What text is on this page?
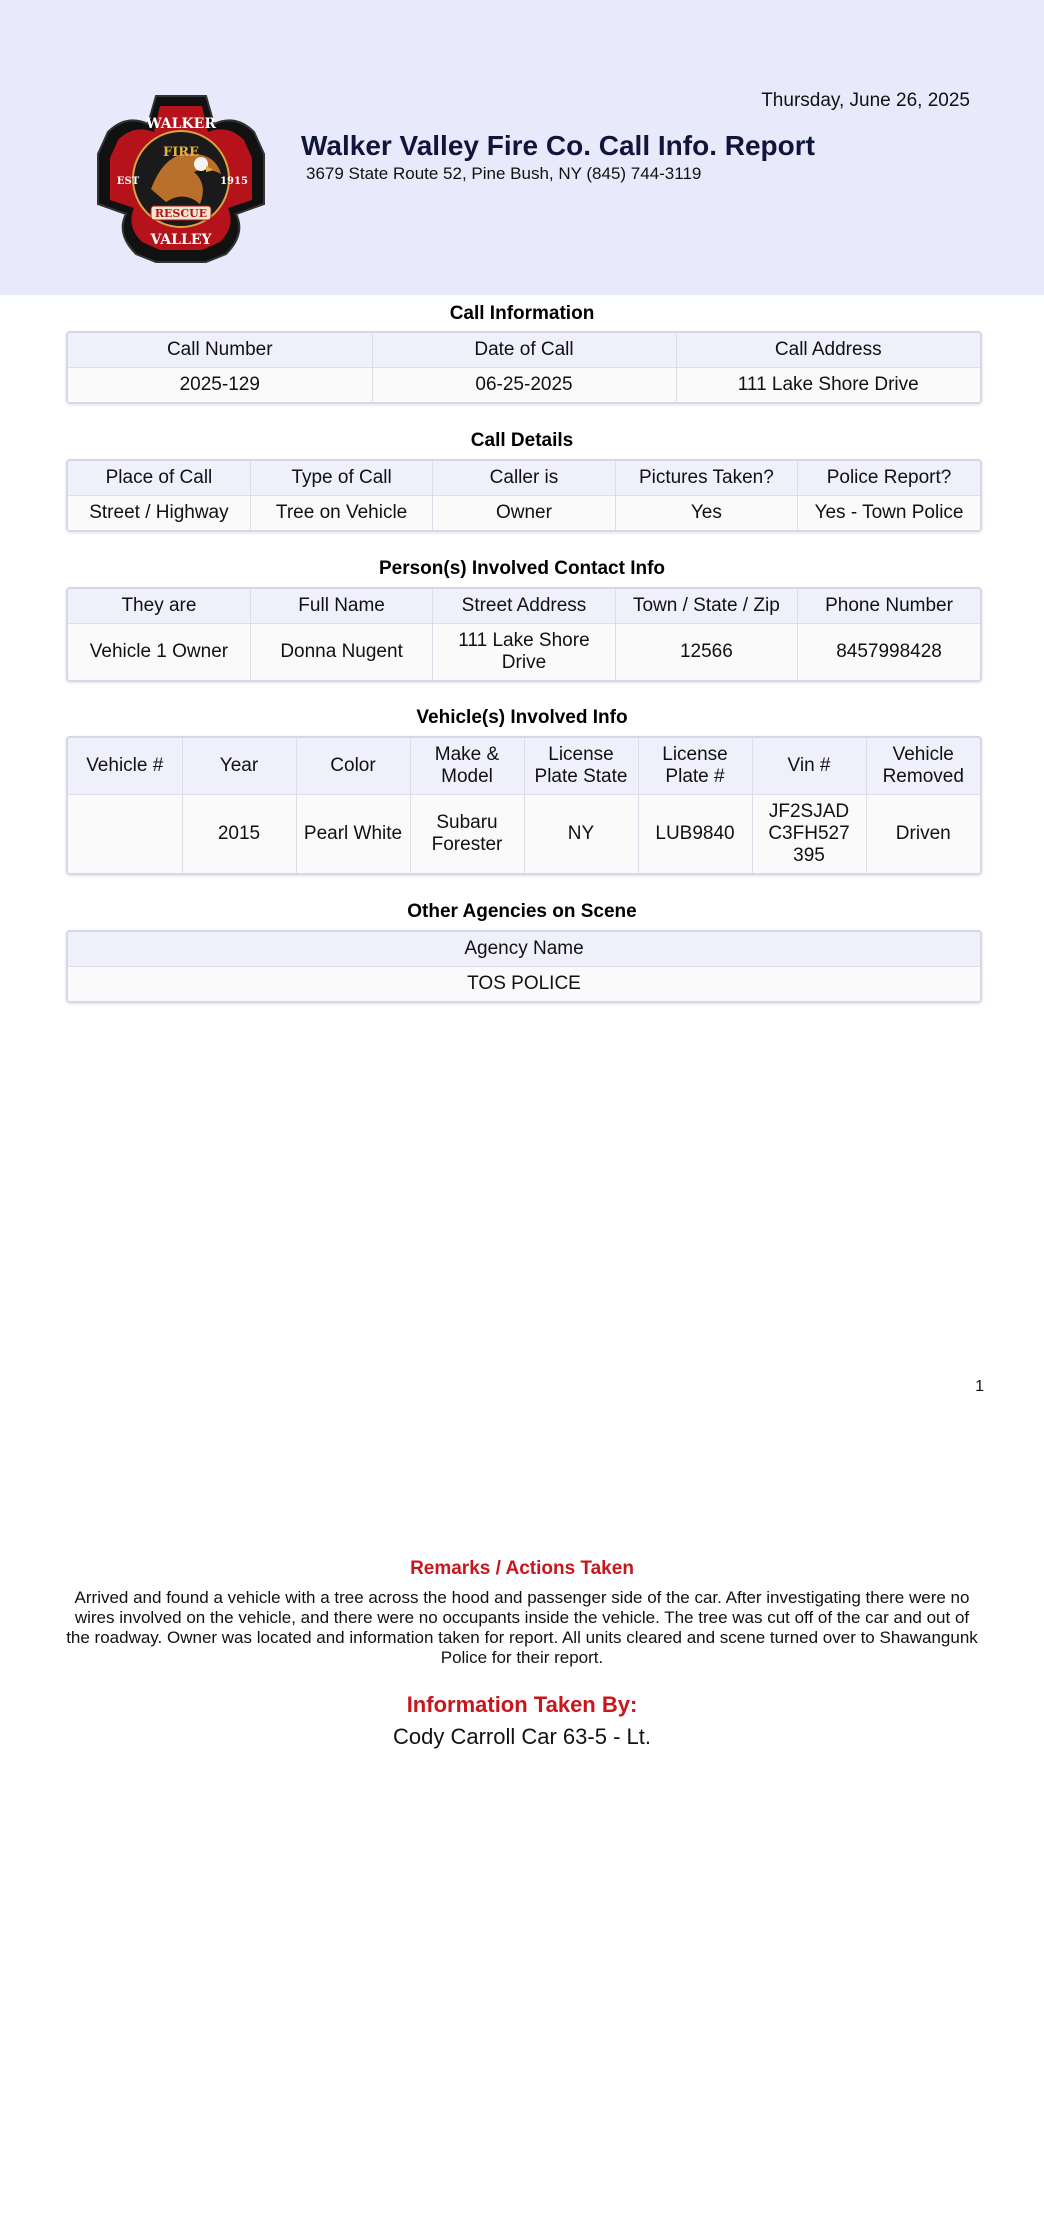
RESCUE
WALKER
FIRE
VALLEY
EST	1915
Thursday, June 26, 2025
Walker Valley Fire Co. Call Info. Report
3679 State Route 52, Pine Bush, NY (845) 744-3119
Call Information
Call Number	Date of Call	Call Address
2025-129	06-25-2025	111 Lake Shore Drive
Call Details
Place of Call	Type of Call	Caller is	Pictures Taken?	Police Report?
Street / Highway	Tree on Vehicle	Owner	Yes	Yes - Town Police
Person(s) Involved Contact Info
They are	Full Name	Street Address	Town / State / Zip	Phone Number
Vehicle 1 Owner	Donna Nugent	111 Lake Shore Drive	12566	8457998428
Vehicle(s) Involved Info
Vehicle #	Year	Color	Make & Model	License Plate State	License Plate #	Vin #	Vehicle Removed
	2015	Pearl White	Subaru Forester	NY	LUB9840	JF2SJAD C3FH527 395	Driven
Other Agencies on Scene
Agency Name
TOS POLICE
1
Remarks / Actions Taken
Arrived and found a vehicle with a tree across the hood and passenger side of the car. After investigating there were no wires involved on the vehicle, and there were no occupants inside the vehicle. The tree was cut off of the car and out of the roadway. Owner was located and information taken for report. All units cleared and scene turned over to Shawangunk Police for their report.
Information Taken By:
Cody Carroll Car 63-5 - Lt.
